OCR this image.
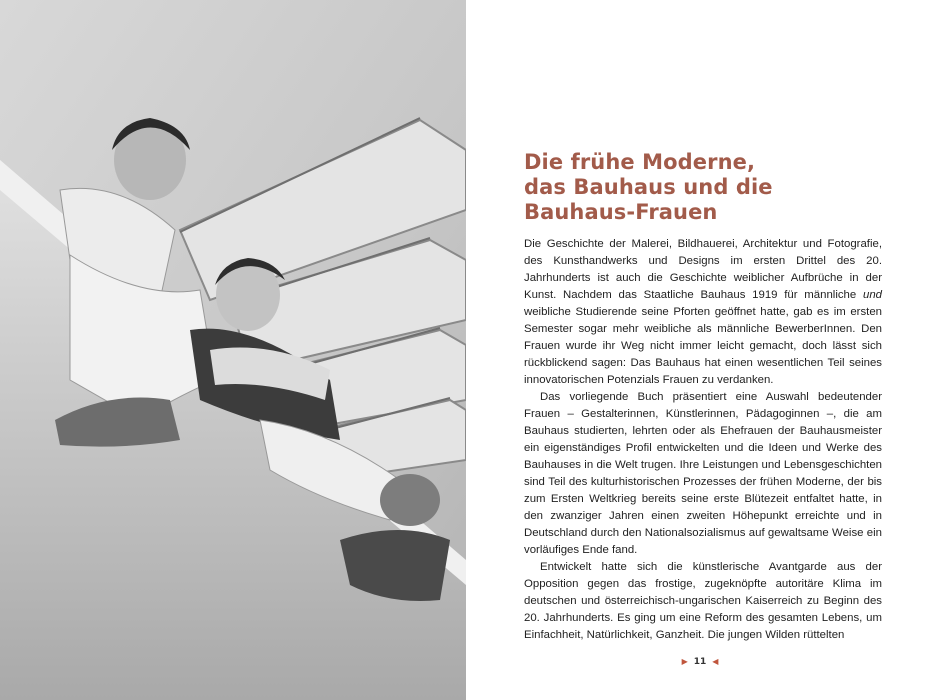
Die frühe Moderne,
das Bauhaus und die
Bauhaus-Frauen

Die Geschichte der Malerei, Bildhauerei, Architektur und Fotografie, des Kunsthandwerks und Designs im ersten Drittel des 20. Jahrhunderts ist auch die Geschichte weiblicher Aufbrüche in der Kunst. Nachdem das Staatliche Bauhaus 1919 für männliche und weibliche Studierende seine Pforten geöffnet hatte, gab es im ersten Semester sogar mehr weibliche als männliche BewerberInnen. Den Frauen wurde ihr Weg nicht immer leicht gemacht, doch lässt sich rückblickend sagen: Das Bauhaus hat einen wesentlichen Teil seines innovatorischen Potenzials Frauen zu verdanken.

Das vorliegende Buch präsentiert eine Auswahl bedeutender Frauen – Gestalterinnen, Künstlerinnen, Pädagoginnen –, die am Bauhaus studierten, lehrten oder als Ehefrauen der Bauhausmeister ein eigenständiges Profil entwickelten und die Ideen und Werke des Bauhauses in die Welt trugen. Ihre Leistungen und Lebensgeschichten sind Teil des kulturhistorischen Prozesses der frühen Moderne, der bis zum Ersten Weltkrieg bereits seine erste Blütezeit entfaltet hatte, in den zwanziger Jahren einen zweiten Höhepunkt erreichte und in Deutschland durch den Nationalsozialismus auf gewaltsame Weise ein vorläufiges Ende fand.

Entwickelt hatte sich die künstlerische Avantgarde aus der Opposition gegen das frostige, zugeknöpfte autoritäre Klima im deutschen und österreichisch-ungarischen Kaiserreich zu Beginn des 20. Jahrhunderts. Es ging um eine Reform des gesamten Lebens, um Einfachheit, Natürlichkeit, Ganzheit. Die jungen Wilden rüttelten

▶ 11 ◀
